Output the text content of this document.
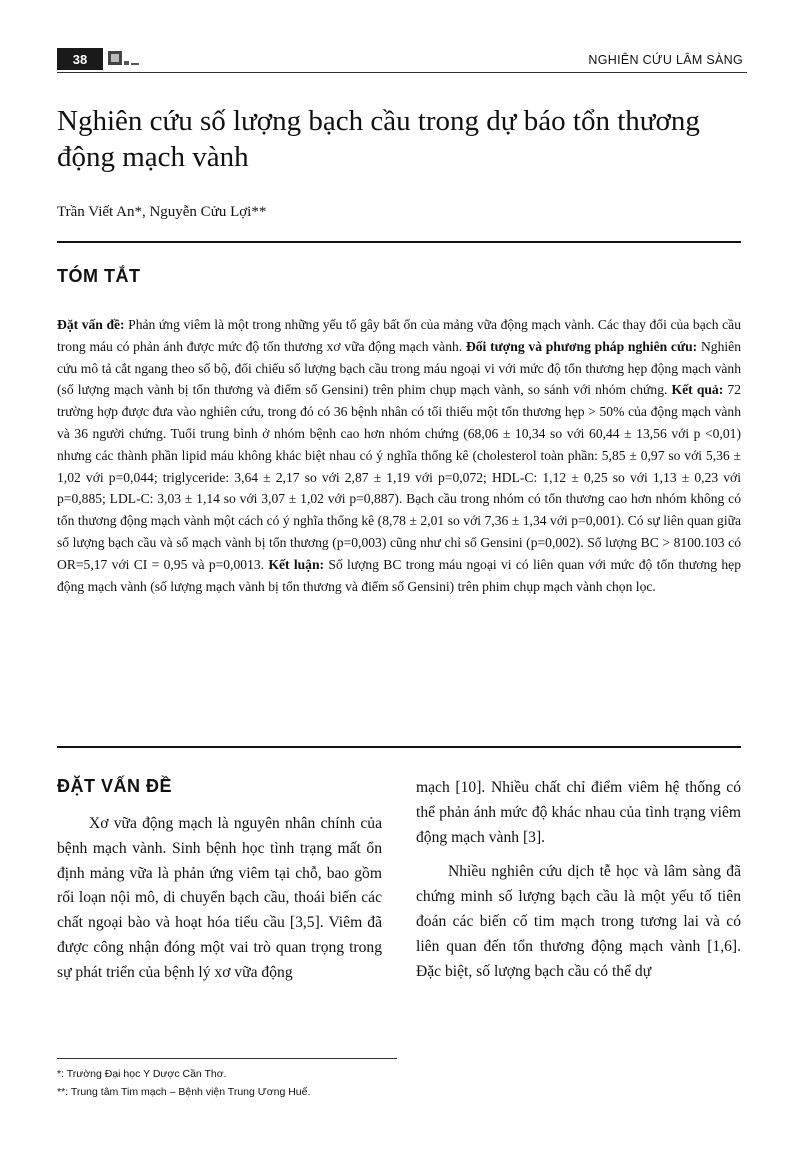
38	NGHIÊN CỨU LÂM SÀNG
Nghiên cứu số lượng bạch cầu trong dự báo tổn thương động mạch vành
Trần Viết An*, Nguyễn Cửu Lợi**
TÓM TẮT

Đặt vấn đề: Phản ứng viêm là một trong những yếu tố gây bất ổn của mảng vữa động mạch vành. Các thay đổi của bạch cầu trong máu có phản ánh được mức độ tổn thương xơ vữa động mạch vành. Đối tượng và phương pháp nghiên cứu: Nghiên cứu mô tả cắt ngang theo số bộ, đối chiếu số lượng bạch cầu trong máu ngoại vi với mức độ tổn thương hẹp động mạch vành (số lượng mạch vành bị tổn thương và điểm số Gensini) trên phim chụp mạch vành, so sánh với nhóm chứng. Kết quả: 72 trường hợp được đưa vào nghiên cứu, trong đó có 36 bệnh nhân có tối thiểu một tổn thương hẹp > 50% của động mạch vành và 36 người chứng. Tuổi trung bình ở nhóm bệnh cao hơn nhóm chứng (68,06 ± 10,34 so với 60,44 ± 13,56 với p <0,01) nhưng các thành phần lipid máu không khác biệt nhau có ý nghĩa thống kê (cholesterol toàn phần: 5,85 ± 0,97 so với 5,36 ± 1,02 với p=0,044; triglyceride: 3,64 ± 2,17 so với 2,87 ± 1,19 với p=0,072; HDL-C: 1,12 ± 0,25 so với 1,13 ± 0,23 với p=0,885; LDL-C: 3,03 ± 1,14 so với 3,07 ± 1,02 với p=0,887). Bạch cầu trong nhóm có tổn thương cao hơn nhóm không có tổn thương động mạch vành một cách có ý nghĩa thống kê (8,78 ± 2,01 so với 7,36 ± 1,34 với p=0,001). Có sự liên quan giữa số lượng bạch cầu và số mạch vành bị tổn thương (p=0,003) cũng như chỉ số Gensini (p=0,002). Số lượng BC > 8100.103 có OR=5,17 với CI = 0,95 và p=0,0013. Kết luận: Số lượng BC trong máu ngoại vi có liên quan với mức độ tổn thương hẹp động mạch vành (số lượng mạch vành bị tổn thương và điểm số Gensini) trên phim chụp mạch vành chọn lọc.

ĐẶT VẤN ĐỀ

Xơ vữa động mạch là nguyên nhân chính của bệnh mạch vành. Sinh bệnh học tình trạng mất ổn định mảng vữa là phản ứng viêm tại chỗ, bao gồm rối loạn nội mô, di chuyển bạch cầu, thoái biến các chất ngoại bào và hoạt hóa tiểu cầu [3,5]. Viêm đã được công nhận đóng một vai trò quan trọng trong sự phát triển của bệnh lý xơ vữa động

mạch [10]. Nhiều chất chỉ điểm viêm hệ thống có thể phản ánh mức độ khác nhau của tình trạng viêm động mạch vành [3].
Nhiều nghiên cứu dịch tễ học và lâm sàng đã chứng minh số lượng bạch cầu là một yếu tố tiên đoán các biến cố tim mạch trong tương lai và có liên quan đến tổn thương động mạch vành [1,6]. Đặc biệt, số lượng bạch cầu có thể dự
*: Trường Đại học Y Dược Cần Thơ.
**: Trung tâm Tim mạch – Bệnh viện Trung Ương Huế.
